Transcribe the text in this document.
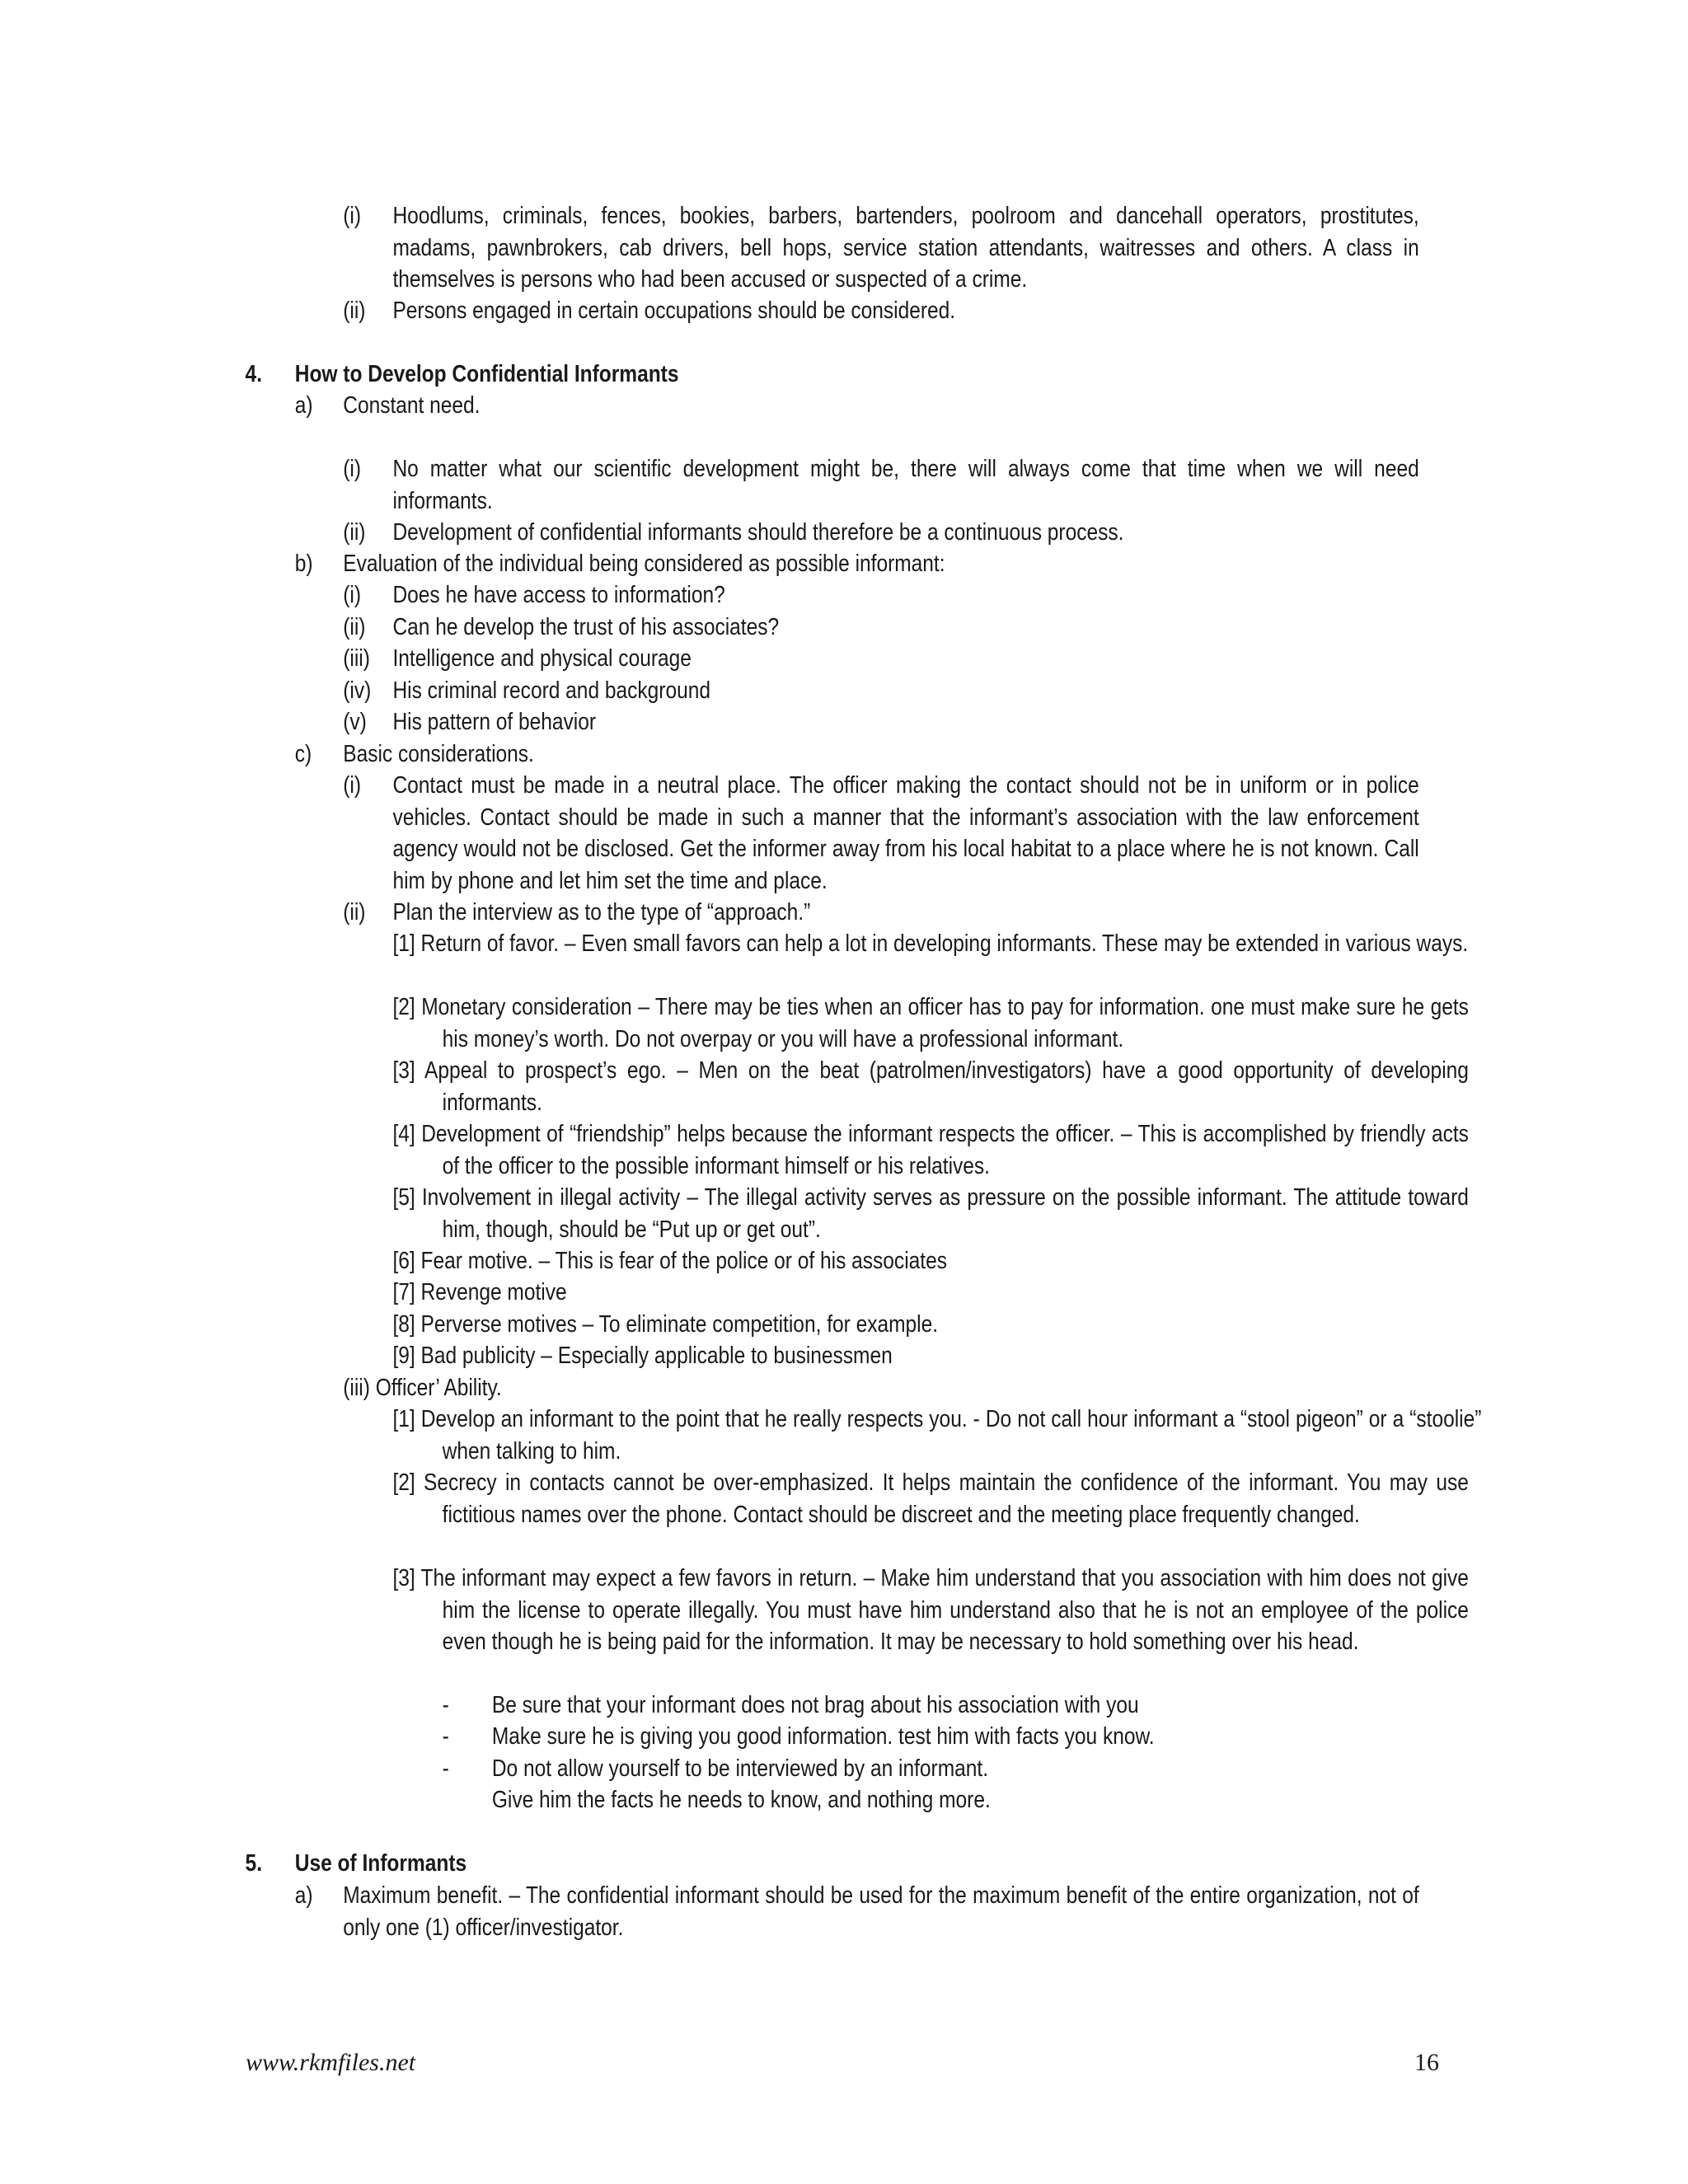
(i) Hoodlums, criminals, fences, bookies, barbers, bartenders, poolroom and dancehall operators, prostitutes, madams, pawnbrokers, cab drivers, bell hops, service station attendants, waitresses and others. A class in themselves is persons who had been accused or suspected of a crime.
(ii) Persons engaged in certain occupations should be considered.
4. How to Develop Confidential Informants
a) Constant need.
(i) No matter what our scientific development might be, there will always come that time when we will need informants.
(ii) Development of confidential informants should therefore be a continuous process.
b) Evaluation of the individual being considered as possible informant:
(i) Does he have access to information?
(ii) Can he develop the trust of his associates?
(iii) Intelligence and physical courage
(iv) His criminal record and background
(v) His pattern of behavior
c) Basic considerations.
(i) Contact must be made in a neutral place. The officer making the contact should not be in uniform or in police vehicles. Contact should be made in such a manner that the informant’s association with the law enforcement agency would not be disclosed. Get the informer away from his local habitat to a place where he is not known. Call him by phone and let him set the time and place.
(ii) Plan the interview as to the type of “approach.”
[1] Return of favor. – Even small favors can help a lot in developing informants. These may be extended in various ways.
[2] Monetary consideration – There may be ties when an officer has to pay for information. one must make sure he gets his money’s worth. Do not overpay or you will have a professional informant.
[3] Appeal to prospect’s ego. – Men on the beat (patrolmen/investigators) have a good opportunity of developing informants.
[4] Development of “friendship” helps because the informant respects the officer. – This is accomplished by friendly acts of the officer to the possible informant himself or his relatives.
[5] Involvement in illegal activity – The illegal activity serves as pressure on the possible informant. The attitude toward him, though, should be “Put up or get out”.
[6] Fear motive. – This is fear of the police or of his associates
[7] Revenge motive
[8] Perverse motives – To eliminate competition, for example.
[9] Bad publicity – Especially applicable to businessmen
(iii) Officer’ Ability.
[1] Develop an informant to the point that he really respects you. - Do not call hour informant a “stool pigeon” or a “stoolie” when talking to him.
[2] Secrecy in contacts cannot be over-emphasized. It helps maintain the confidence of the informant. You may use fictitious names over the phone. Contact should be discreet and the meeting place frequently changed.
[3] The informant may expect a few favors in return. – Make him understand that you association with him does not give him the license to operate illegally. You must have him understand also that he is not an employee of the police even though he is being paid for the information. It may be necessary to hold something over his head.
- Be sure that your informant does not brag about his association with you
- Make sure he is giving you good information. test him with facts you know.
- Do not allow yourself to be interviewed by an informant.
Give him the facts he needs to know, and nothing more.
5. Use of Informants
a) Maximum benefit. – The confidential informant should be used for the maximum benefit of the entire organization, not of only one (1) officer/investigator.
www.rkmfiles.net	16
